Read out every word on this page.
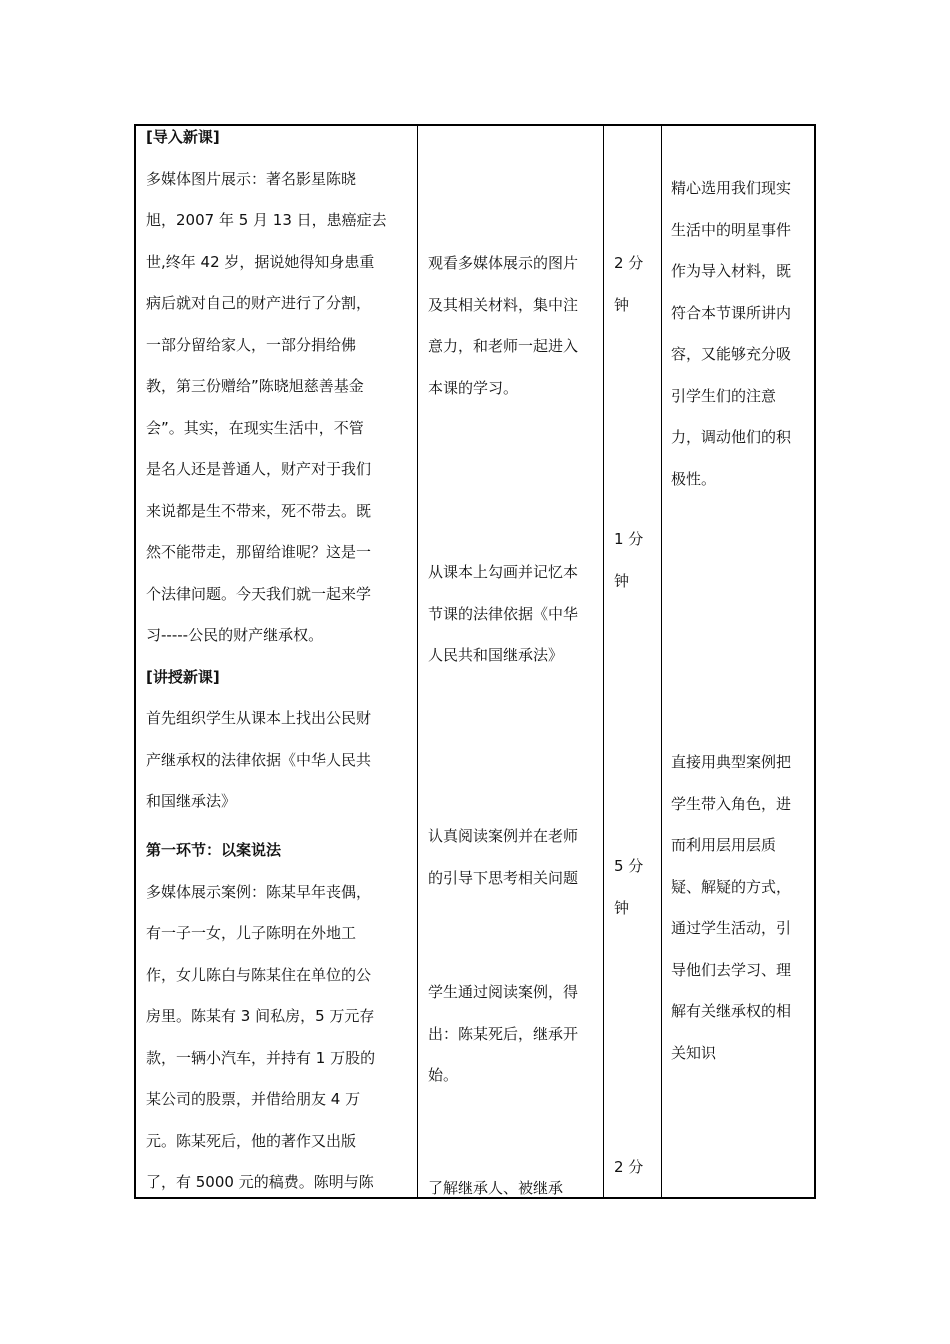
[导入新课]

多媒体图片展示：著名影星陈晓

旭，2007 年 5 月 13 日，患癌症去

世,终年 42 岁，据说她得知身患重

病后就对自己的财产进行了分割，

一部分留给家人，一部分捐给佛

教，第三份赠给”陈晓旭慈善基金

会”。其实，在现实生活中，不管

是名人还是普通人，财产对于我们

来说都是生不带来，死不带去。既

然不能带走，那留给谁呢？这是一

个法律问题。今天我们就一起来学

习-----公民的财产继承权。

[讲授新课]

首先组织学生从课本上找出公民财

产继承权的法律依据《中华人民共

和国继承法》

第一环节：以案说法

多媒体展示案例：陈某早年丧偶，

有一子一女，儿子陈明在外地工

作，女儿陈白与陈某住在单位的公

房里。陈某有 3 间私房，5 万元存

款，一辆小汽车，并持有 1 万股的

某公司的股票，并借给朋友 4 万

元。陈某死后，他的著作又出版

了，有 5000 元的稿费。陈明与陈

观看多媒体展示的图片

及其相关材料，集中注

意力，和老师一起进入

本课的学习。

从课本上勾画并记忆本

节课的法律依据《中华

人民共和国继承法》

认真阅读案例并在老师

的引导下思考相关问题

学生通过阅读案例，得

出：陈某死后，继承开

始。

了解继承人、被继承

2 分

钟

1 分

钟

5 分

钟

2 分

精心选用我们现实

生活中的明星事件

作为导入材料，既

符合本节课所讲内

容，又能够充分吸

引学生们的注意

力，调动他们的积

极性。

直接用典型案例把

学生带入角色，进

而利用层用层质

疑、解疑的方式，

通过学生活动，引

导他们去学习、理

解有关继承权的相

关知识
